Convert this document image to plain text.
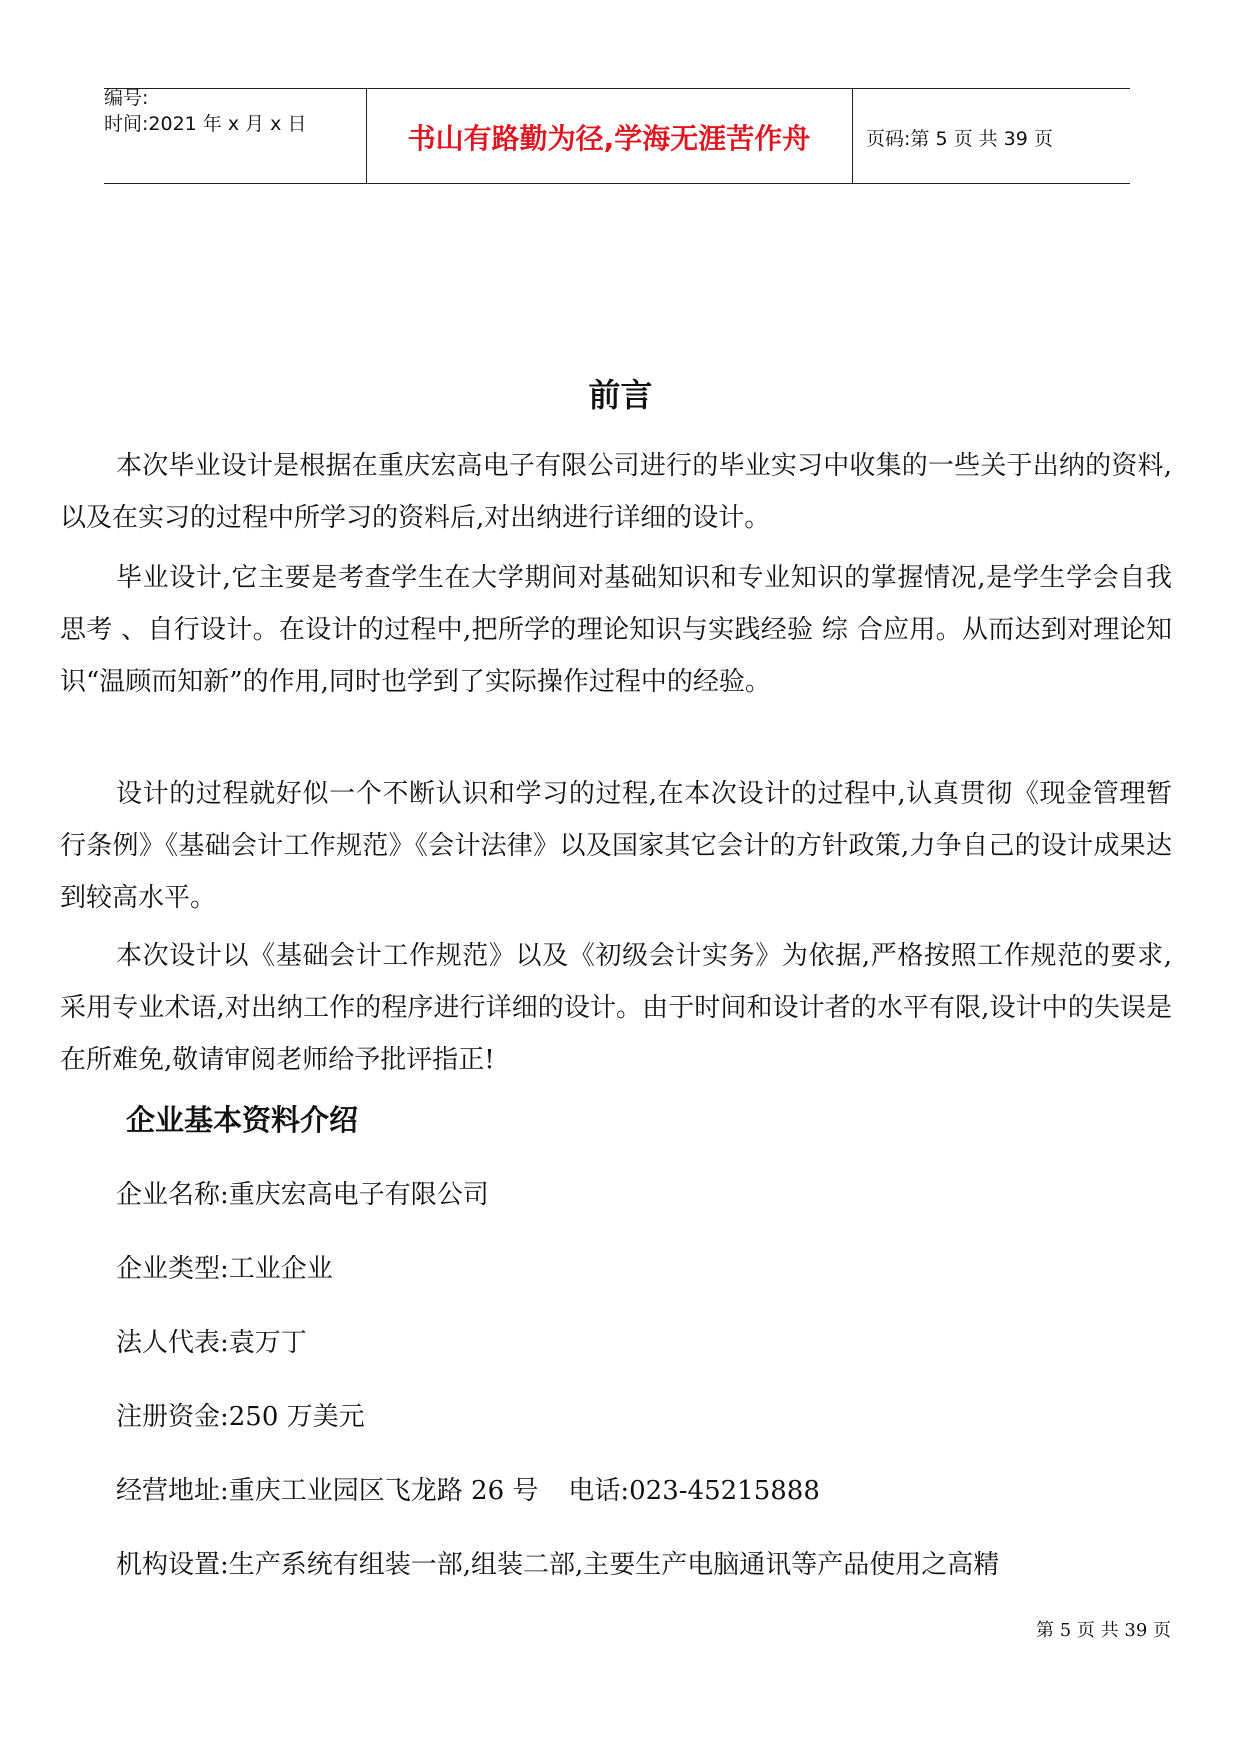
编号:
时间:2021 年 x 月 x 日	书山有路勤为径,学海无涯苦作舟	页码:第 5 页 共 39 页
前言

本次毕业设计是根据在重庆宏高电子有限公司进行的毕业实习中收集的一些关于出纳的资料,以及在实习的过程中所学习的资料后,对出纳进行详细的设计。

毕业设计,它主要是考查学生在大学期间对基础知识和专业知识的掌握情况,是学生学会自我思考 、自行设计。在设计的过程中,把所学的理论知识与实践经验 综 合应用。从而达到对理论知识“温顾而知新”的作用,同时也学到了实际操作过程中的经验。

设计的过程就好似一个不断认识和学习的过程,在本次设计的过程中,认真贯彻《现金管理暂行条例》《基础会计工作规范》《会计法律》以及国家其它会计的方针政策,力争自己的设计成果达到较高水平。

本次设计以《基础会计工作规范》以及《初级会计实务》为依据,严格按照工作规范的要求,采用专业术语,对出纳工作的程序进行详细的设计。由于时间和设计者的水平有限,设计中的失误是在所难免,敬请审阅老师给予批评指正!

企业基本资料介绍

企业名称:重庆宏高电子有限公司

企业类型:工业企业

法人代表:袁万丁

注册资金:250 万美元

经营地址:重庆工业园区飞龙路 26 号 电话:023-45215888

机构设置:生产系统有组装一部,组装二部,主要生产电脑通讯等产品使用之高精

第 5 页 共 39 页
